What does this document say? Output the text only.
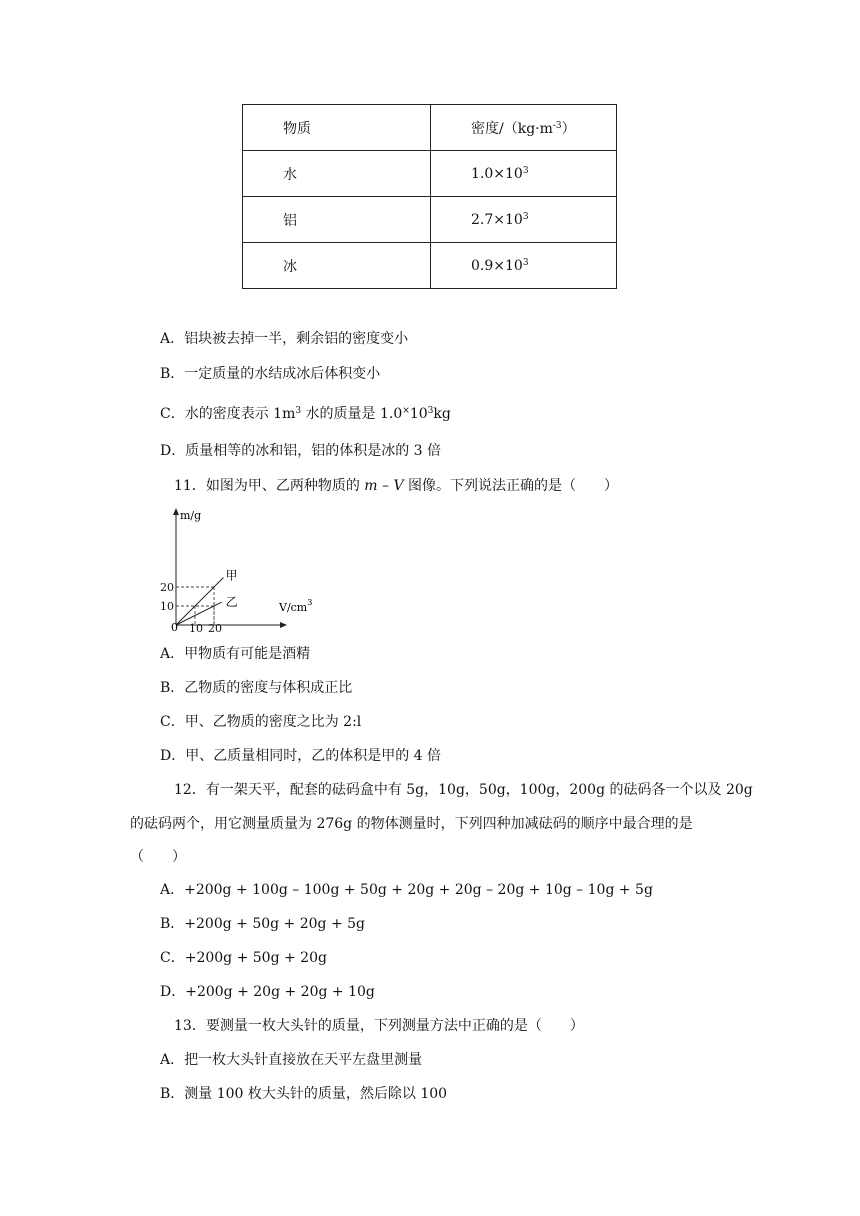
物质	密度$/(kg\cdot m^{-3})$
水	$1.0\times 10^3$
铝	$2.7\times 10^3$
冰	$0.9\times 10^3$
A．铝块被去掉一半，剩余铝的密度变小
B．一定质量的水结成冰后体积变小
C．水的密度表示 $1m^3$ 水的质量是 $1.0^\times 10^3kg$
D．质量相等的冰和铝，铝的体积是冰的 3 倍
11．如图为甲、乙两种物质的 m – V 图像。下列说法正确的是（　　）
10 20
10
20
m/g
$V/cm^3$
0
甲
乙
A．甲物质有可能是酒精
B．乙物质的密度与体积成正比
C．甲、乙物质的密度之比为 2:l
D．甲、乙质量相同时，乙的体积是甲的 4 倍
12．有一架天平，配套的砝码盒中有 5g，10g，50g，100g，200g 的砝码各一个以及 20g
的砝码两个，用它测量质量为 276g 的物体测量时，下列四种加减砝码的顺序中最合理的是
（　　）
A．+200g + 100g – 100g + 50g + 20g + 20g – 20g + 10g – 10g + 5g
B．+200g + 50g + 20g + 5g
C．+200g + 50g + 20g
D．+200g + 20g + 20g + 10g
13．要测量一枚大头针的质量，下列测量方法中正确的是（　　）
A．把一枚大头针直接放在天平左盘里测量
B．测量 100 枚大头针的质量，然后除以 100
